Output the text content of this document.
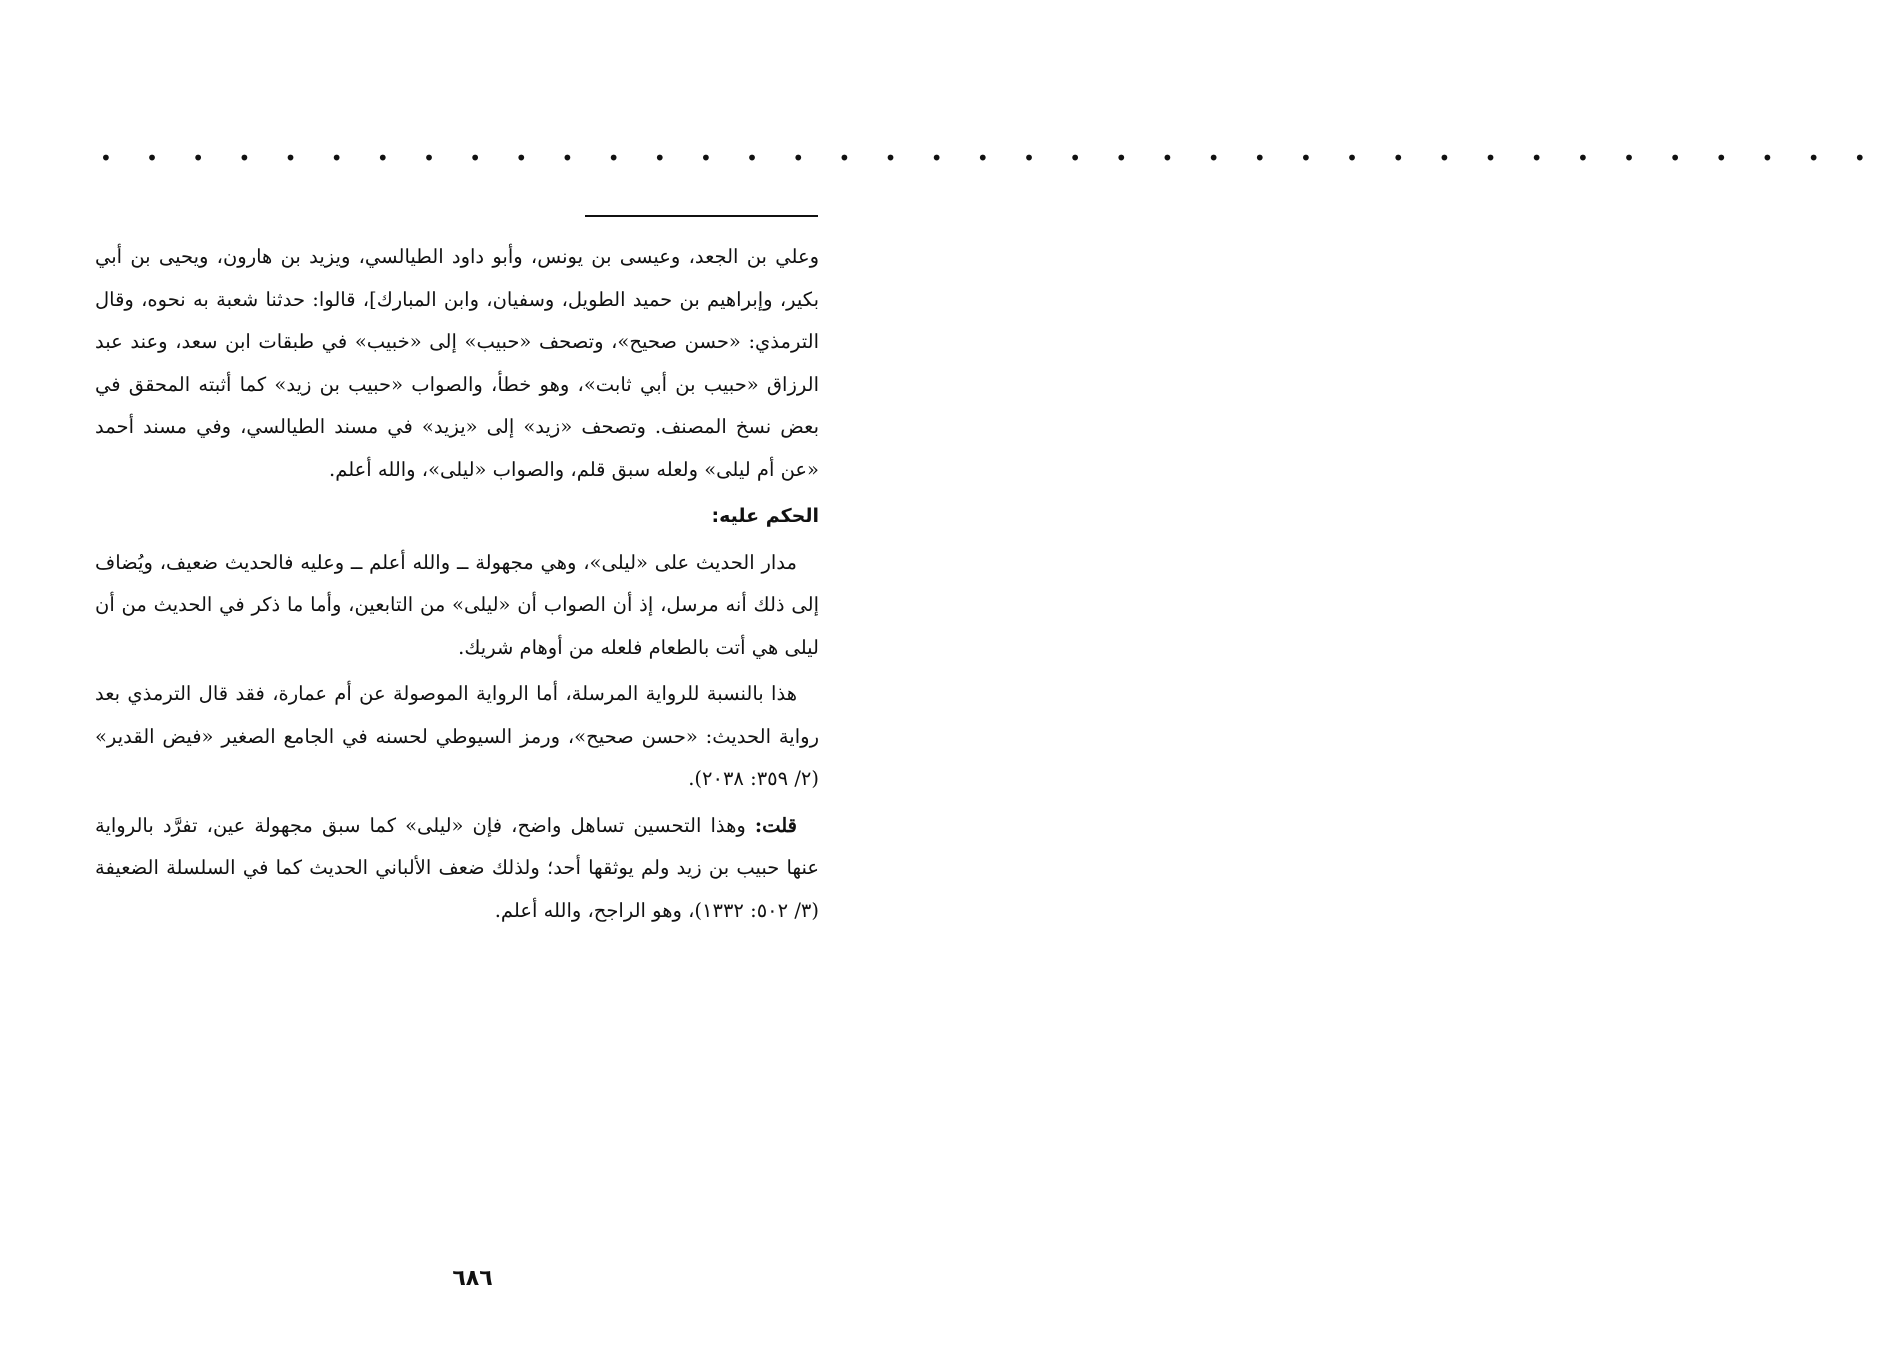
• • • • • • • • • • • • • • • • • • • • • • • • • • • • • • • • • • • • • • •

وعلي بن الجعد، وعيسى بن يونس، وأبو داود الطيالسي، ويزيد بن هارون، ويحيى بن أبي بكير، وإبراهيم بن حميد الطويل، وسفيان، وابن المبارك]، قالوا: حدثنا شعبة به نحوه، وقال الترمذي: «حسن صحيح»، وتصحف «حبيب» إلى «خبيب» في طبقات ابن سعد، وعند عبد الرزاق «حبيب بن أبي ثابت»، وهو خطأ، والصواب «حبيب بن زيد» كما أثبته المحقق في بعض نسخ المصنف. وتصحف «زيد» إلى «يزيد» في مسند الطيالسي، وفي مسند أحمد «عن أم ليلى» ولعله سبق قلم، والصواب «ليلى»، والله أعلم.

الحكم عليه:

مدار الحديث على «ليلى»، وهي مجهولة ــ والله أعلم ــ وعليه فالحديث ضعيف، ويُضاف إلى ذلك أنه مرسل، إذ أن الصواب أن «ليلى» من التابعين، وأما ما ذكر في الحديث من أن ليلى هي أتت بالطعام فلعله من أوهام شريك.

هذا بالنسبة للرواية المرسلة، أما الرواية الموصولة عن أم عمارة، فقد قال الترمذي بعد رواية الحديث: «حسن صحيح»، ورمز السيوطي لحسنه في الجامع الصغير «فيض القدير» (٢/ ٣٥٩: ٢٠٣٨).

قلت: وهذا التحسين تساهل واضح، فإن «ليلى» كما سبق مجهولة عين، تفرَّد بالرواية عنها حبيب بن زيد ولم يوثقها أحد؛ ولذلك ضعف الألباني الحديث كما في السلسلة الضعيفة (٣/ ٥٠٢: ١٣٣٢)، وهو الراجح، والله أعلم.

٦٨٦
